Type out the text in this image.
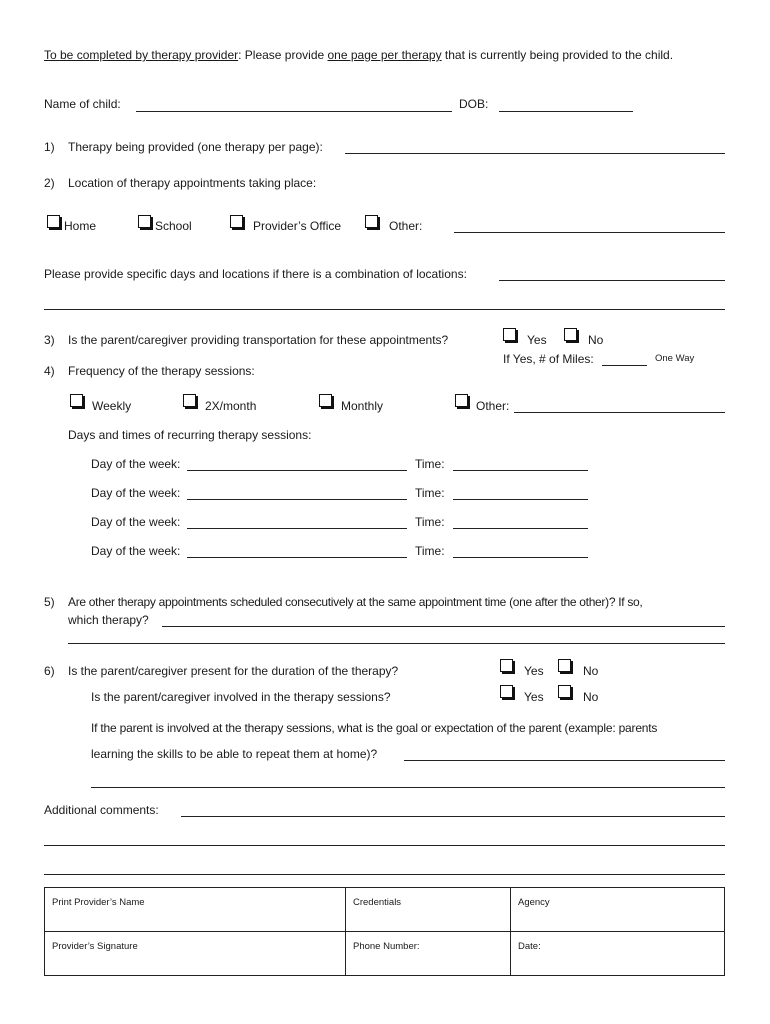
To be completed by therapy provider: Please provide one page per therapy that is currently being provided to the child.
Name of child:	DOB:
1) Therapy being provided (one therapy per page):
2) Location of therapy appointments taking place:
Home	School	Provider’s Office	Other:
Please provide specific days and locations if there is a combination of locations:
3) Is the parent/caregiver providing transportation for these appointments?	Yes	No
If Yes, # of Miles:	One Way
4) Frequency of the therapy sessions:
Weekly	2X/month	Monthly	Other:
Days and times of recurring therapy sessions:
Day of the week:	Time:
Day of the week:	Time:
Day of the week:	Time:
Day of the week:	Time:
5) Are other therapy appointments scheduled consecutively at the same appointment time (one after the other)? If so,
which therapy?
6) Is the parent/caregiver present for the duration of the therapy?	Yes	No
Is the parent/caregiver involved in the therapy sessions?	Yes	No
If the parent is involved at the therapy sessions, what is the goal or expectation of the parent (example: parents
learning the skills to be able to repeat them at home)?
Additional comments:
Print Provider’s Name	Credentials	Agency
Provider’s Signature	Phone Number:	Date:
